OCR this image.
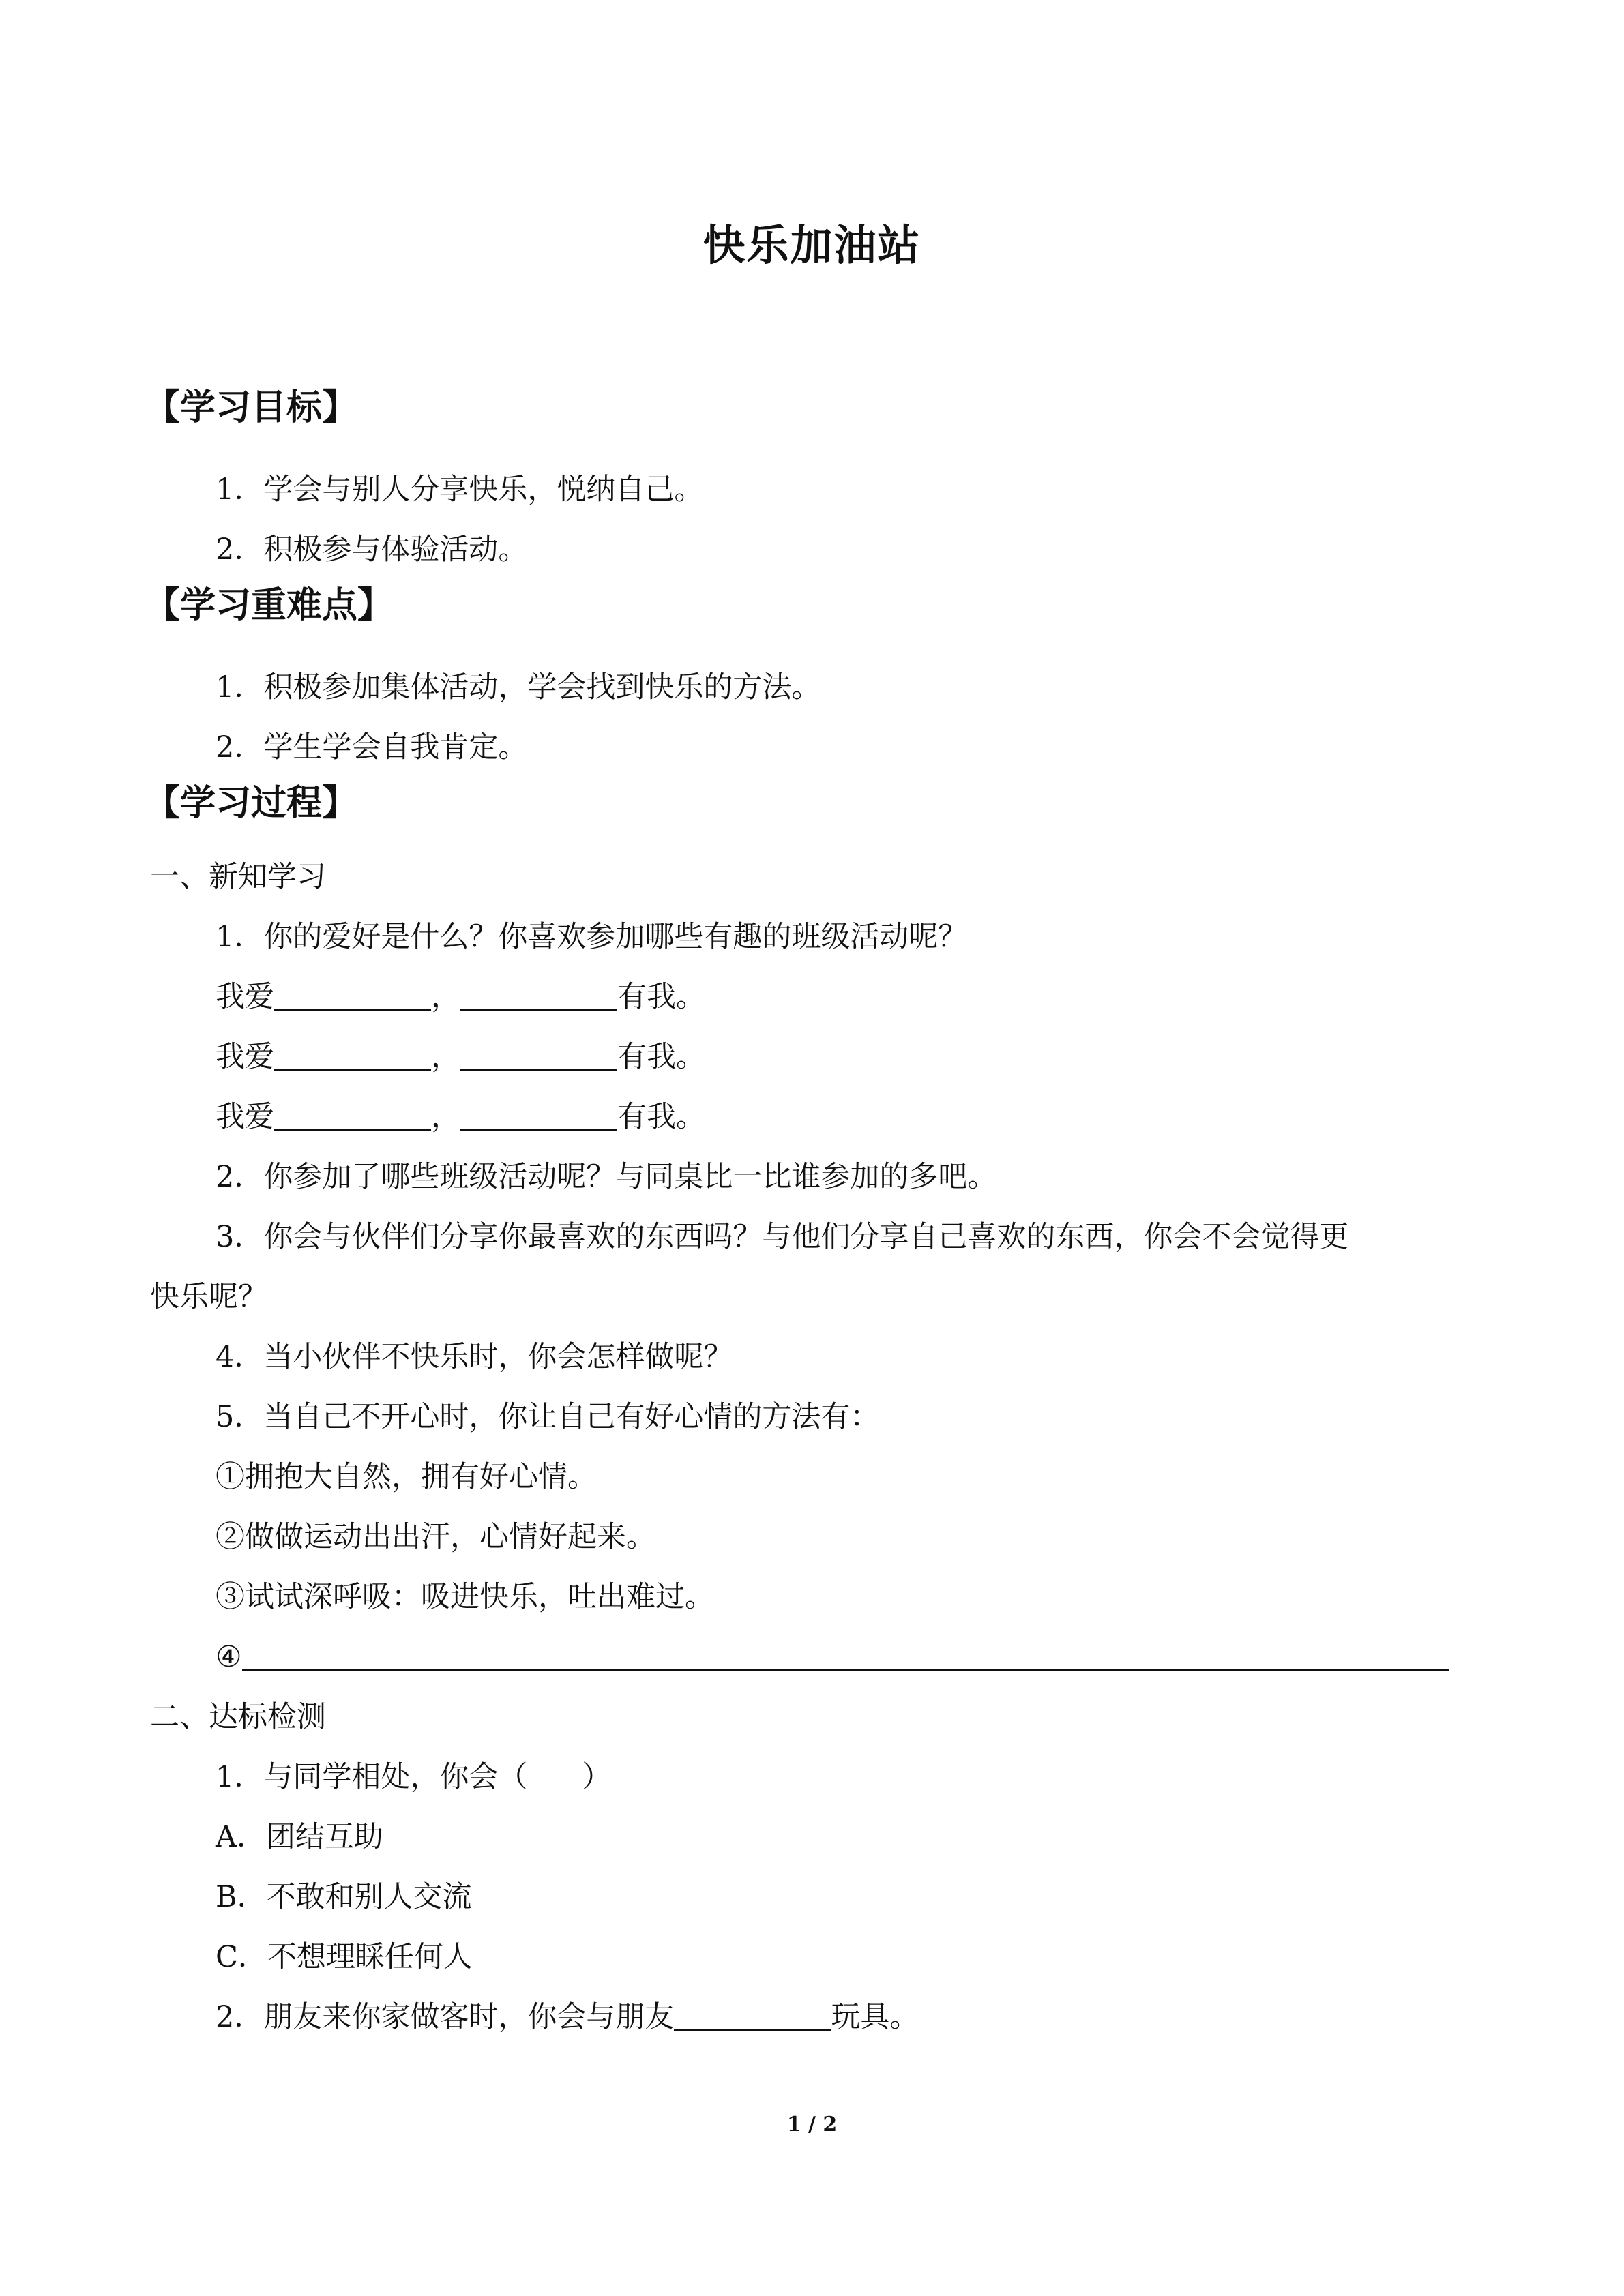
快乐加油站
【学习目标】
1．学会与别人分享快乐，悦纳自己。
2．积极参与体验活动。
【学习重难点】
1．积极参加集体活动，学会找到快乐的方法。
2．学生学会自我肯定。
【学习过程】
一、新知学习
1．你的爱好是什么？你喜欢参加哪些有趣的班级活动呢？
我爱	，	有我。
我爱	，	有我。
我爱	，	有我。
2．你参加了哪些班级活动呢？与同桌比一比谁参加的多吧。
3．你会与伙伴们分享你最喜欢的东西吗？与他们分享自己喜欢的东西，你会不会觉得更
快乐呢？
4．当小伙伴不快乐时，你会怎样做呢？
5．当自己不开心时，你让自己有好心情的方法有：
①拥抱大自然，拥有好心情。
②做做运动出出汗，心情好起来。
③试试深呼吸：吸进快乐，吐出难过。
④
二、达标检测
1．与同学相处，你会（ ）
A．团结互助
B．不敢和别人交流
C．不想理睬任何人
2．朋友来你家做客时，你会与朋友	玩具。
1 / 2
